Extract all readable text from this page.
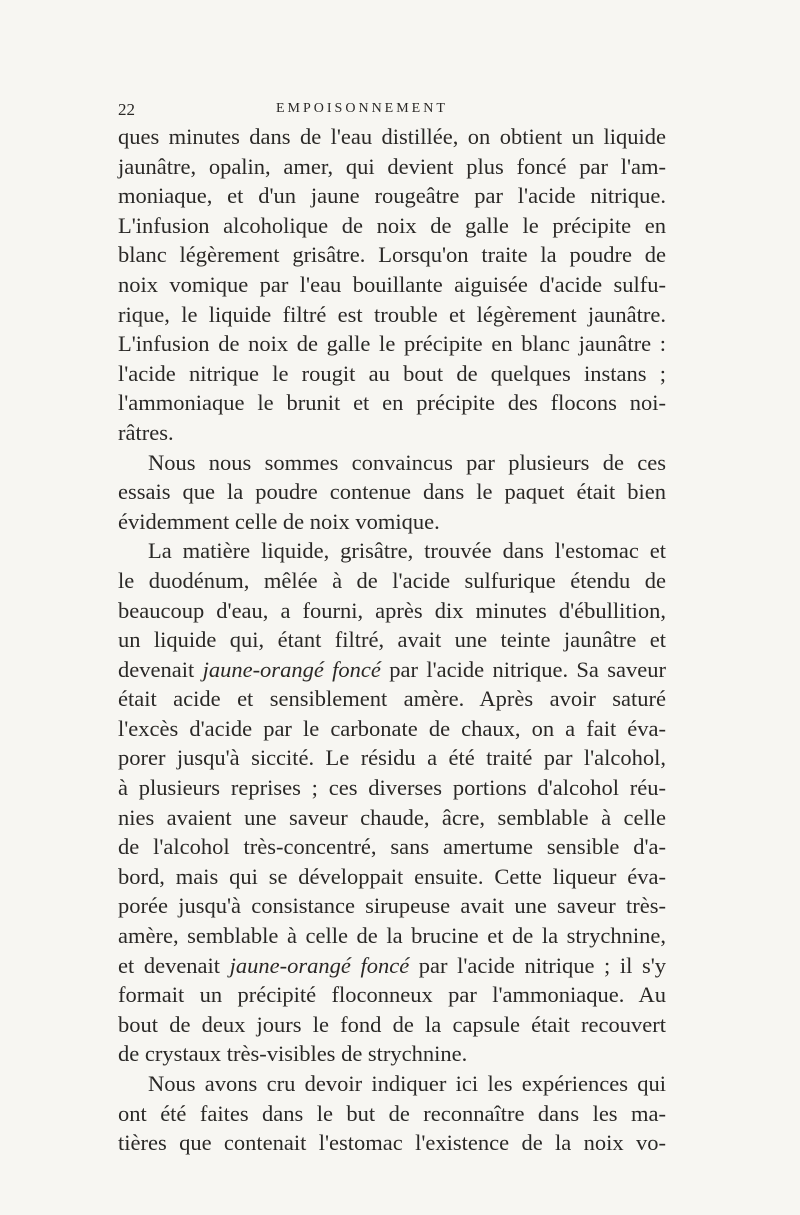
22	EMPOISONNEMENT
ques minutes dans de l'eau distillée, on obtient un liquide
jaunâtre, opalin, amer, qui devient plus foncé par l'am-
moniaque, et d'un jaune rougeâtre par l'acide nitrique.
L'infusion alcoholique de noix de galle le précipite en
blanc légèrement grisâtre. Lorsqu'on traite la poudre de
noix vomique par l'eau bouillante aiguisée d'acide sulfu-
rique, le liquide filtré est trouble et légèrement jaunâtre.
L'infusion de noix de galle le précipite en blanc jaunâtre :
l'acide nitrique le rougit au bout de quelques instans ;
l'ammoniaque le brunit et en précipite des flocons noi-
râtres.
Nous nous sommes convaincus par plusieurs de ces
essais que la poudre contenue dans le paquet était bien
évidemment celle de noix vomique.
La matière liquide, grisâtre, trouvée dans l'estomac et
le duodénum, mêlée à de l'acide sulfurique étendu de
beaucoup d'eau, a fourni, après dix minutes d'ébullition,
un liquide qui, étant filtré, avait une teinte jaunâtre et
devenait jaune-orangé foncé par l'acide nitrique. Sa saveur
était acide et sensiblement amère. Après avoir saturé
l'excès d'acide par le carbonate de chaux, on a fait éva-
porer jusqu'à siccité. Le résidu a été traité par l'alcohol,
à plusieurs reprises ; ces diverses portions d'alcohol réu-
nies avaient une saveur chaude, âcre, semblable à celle
de l'alcohol très-concentré, sans amertume sensible d'a-
bord, mais qui se développait ensuite. Cette liqueur éva-
porée jusqu'à consistance sirupeuse avait une saveur très-
amère, semblable à celle de la brucine et de la strychnine,
et devenait jaune-orangé foncé par l'acide nitrique ; il s'y
formait un précipité floconneux par l'ammoniaque. Au
bout de deux jours le fond de la capsule était recouvert
de crystaux très-visibles de strychnine.
Nous avons cru devoir indiquer ici les expériences qui
ont été faites dans le but de reconnaître dans les ma-
tières que contenait l'estomac l'existence de la noix vo-
